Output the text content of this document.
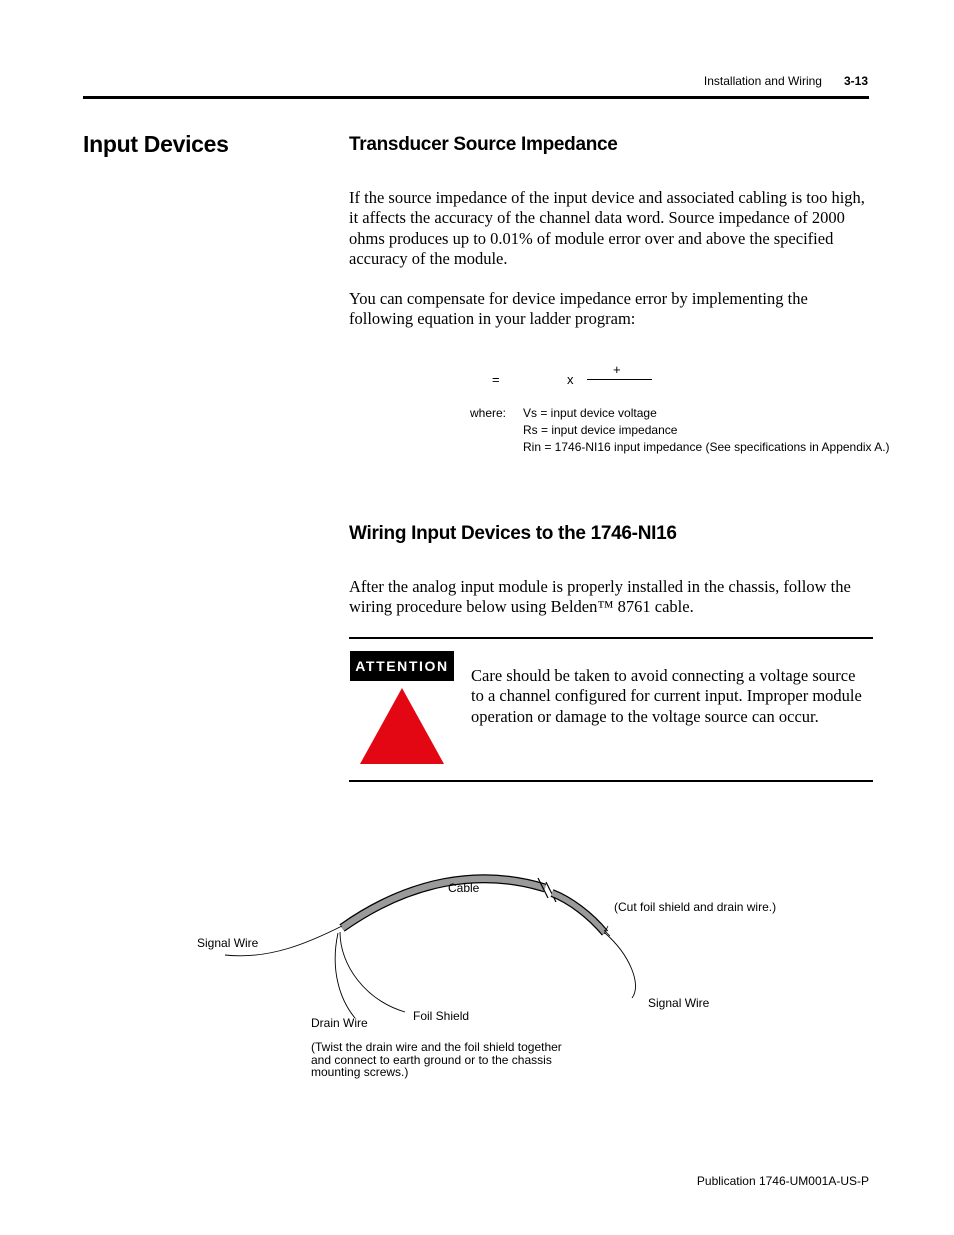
Installation and Wiring 3-13
Input Devices	Transducer Source Impedance
If the source impedance of the input device and associated cabling is too high, it affects the accuracy of the channel data word. Source impedance of 2000 ohms produces up to 0.01% of module error over and above the specified accuracy of the module.
You can compensate for device impedance error by implementing the following equation in your ladder program:
=	x
+
where: Vs = input device voltage
Rs = input device impedance
Rin = 1746-NI16 input impedance (See specifications in Appendix A.)
Wiring Input Devices to the 1746-NI16
After the analog input module is properly installed in the chassis, follow the wiring procedure below using Belden™ 8761 cable.
ATTENTION
!
Care should be taken to avoid connecting a voltage source to a channel configured for current input. Improper module operation or damage to the voltage source can occur.
Cable
(Cut foil shield and drain wire.)
Signal Wire
Signal Wire
Foil Shield
Drain Wire
(Twist the drain wire and the foil shield together
and connect to earth ground or to the chassis
mounting screws.)
Publication 1746-UM001A-US-P
